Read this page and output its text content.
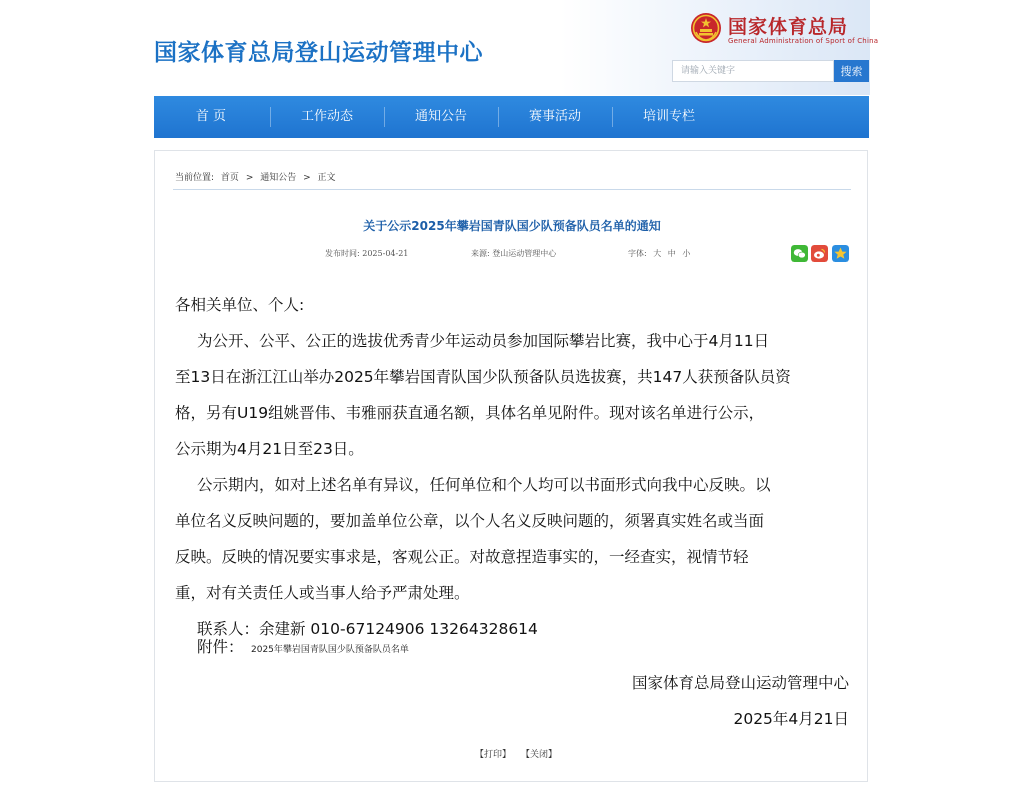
国家体育总局登山运动管理中心
国家体育总局
General Administration of Sport of China
请输入关键字
搜索
首 页	工作动态	通知公告	赛事活动	培训专栏
当前位置: 首页 > 通知公告 > 正文
关于公示2025年攀岩国青队国少队预备队员名单的通知
发布时间: 2025-04-21	来源: 登山运动管理中心	字体: 大 中 小
各相关单位、个人:
为公开、公平、公正的选拔优秀青少年运动员参加国际攀岩比赛，我中心于4月11日
至13日在浙江江山举办2025年攀岩国青队国少队预备队员选拔赛，共147人获预备队员资
格，另有U19组姚晋伟、韦雅丽获直通名额，具体名单见附件。现对该名单进行公示，
公示期为4月21日至23日。
公示期内，如对上述名单有异议，任何单位和个人均可以书面形式向我中心反映。以
单位名义反映问题的，要加盖单位公章，以个人名义反映问题的，须署真实姓名或当面
反映。反映的情况要实事求是，客观公正。对故意捏造事实的，一经查实，视情节轻
重，对有关责任人或当事人给予严肃处理。
联系人：余建新 010-67124906 13264328614
附件： 2025年攀岩国青队国少队预备队员名单
国家体育总局登山运动管理中心
2025年4月21日
【打印】 【关闭】
